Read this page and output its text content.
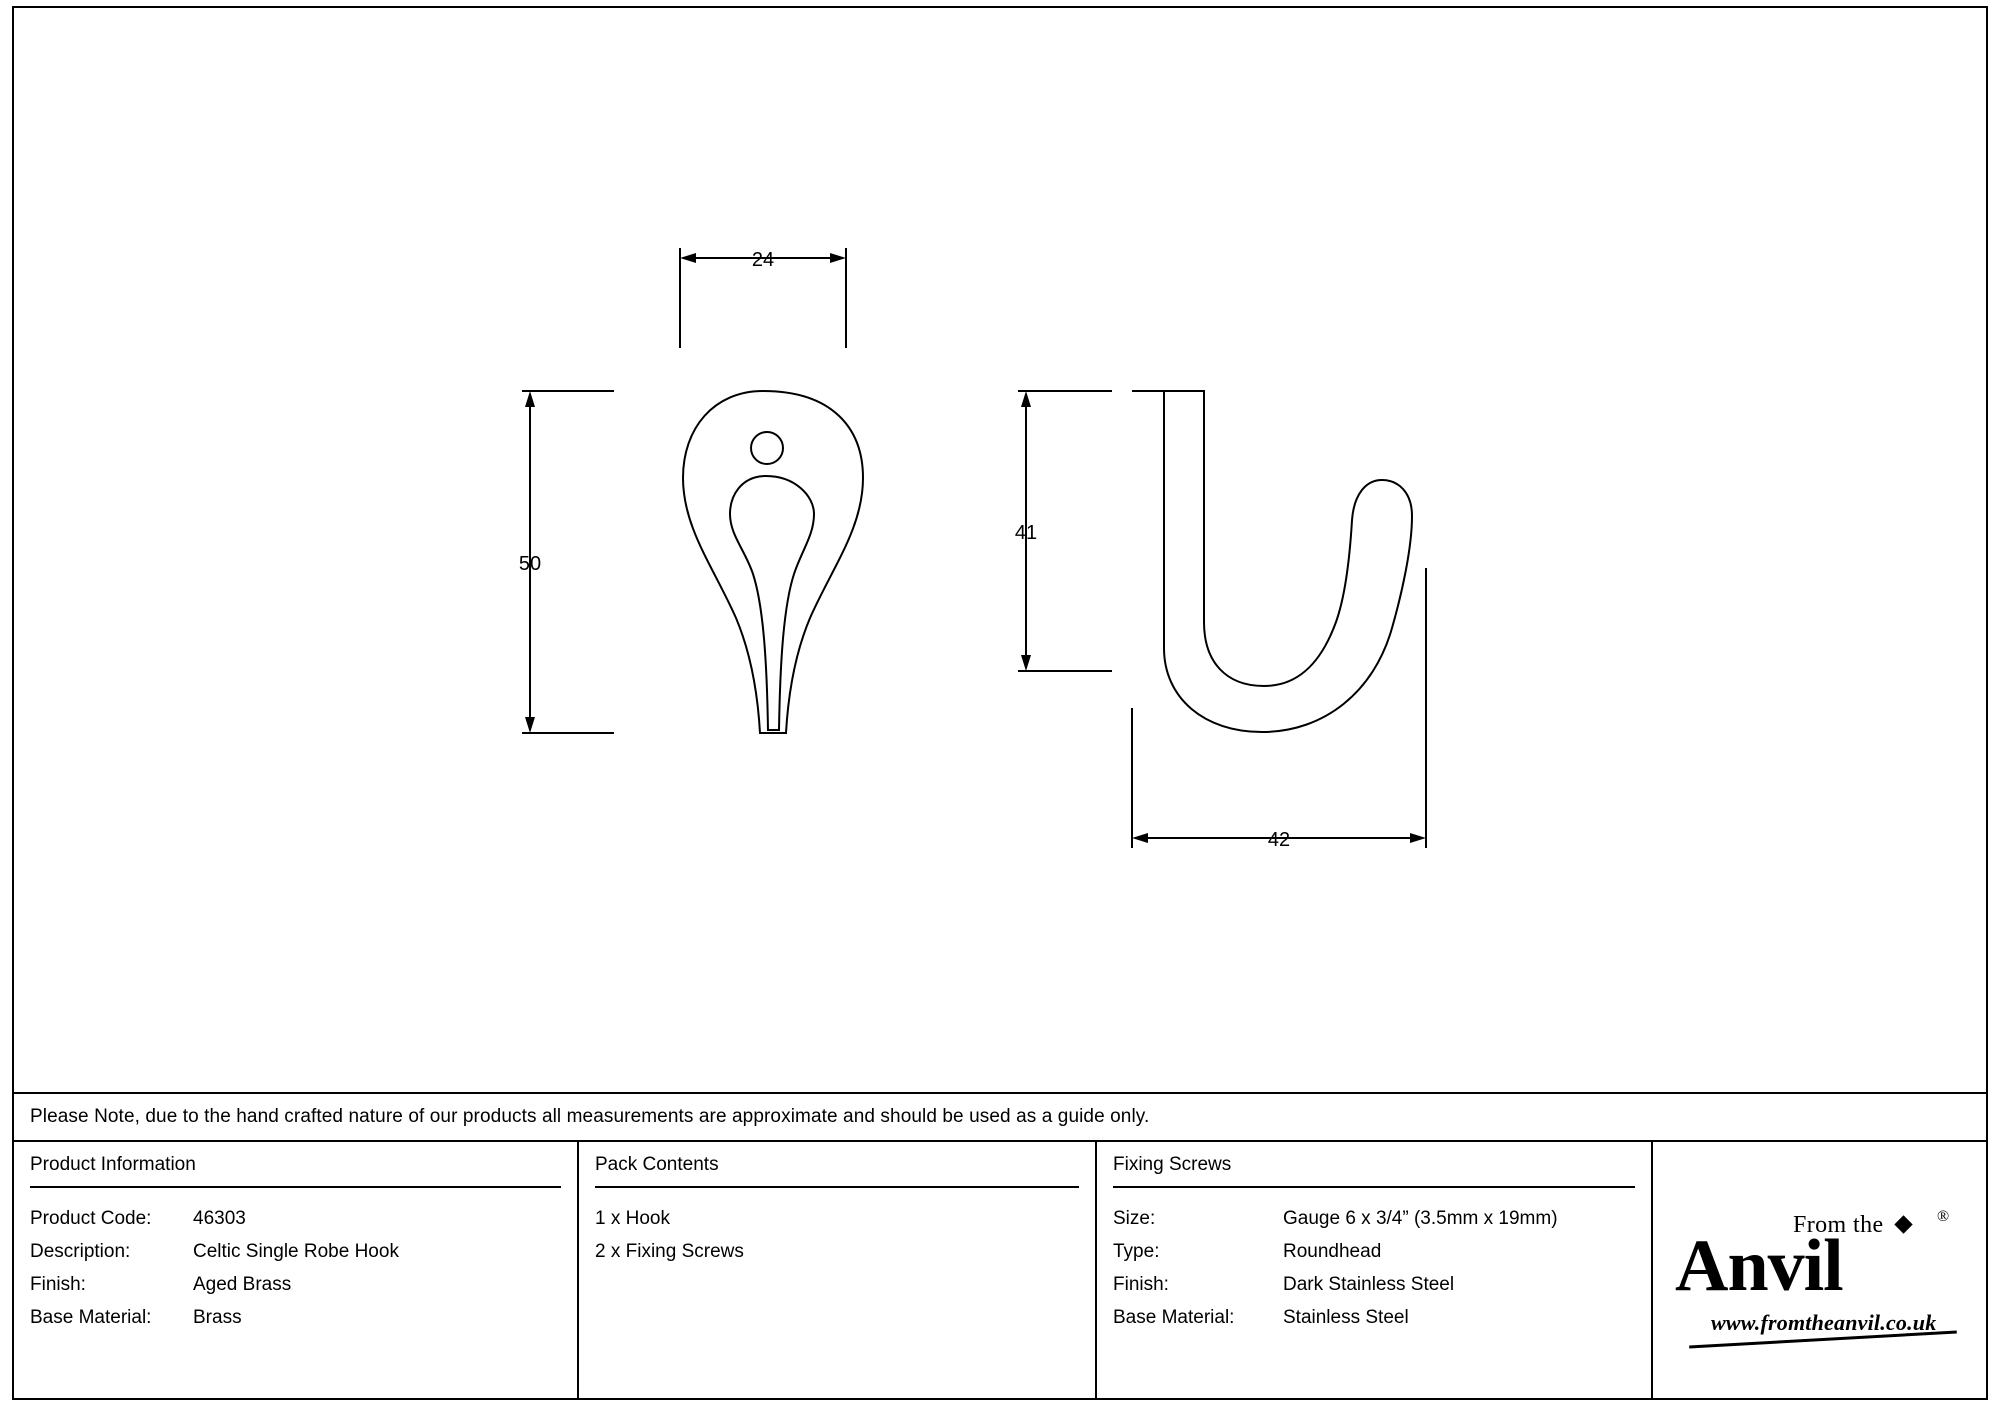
24
50
41
42
Please Note, due to the hand crafted nature of our products all measurements are approximate and should be used as a guide only.
Product Information
Product Code:	46303
Description:	Celtic Single Robe Hook
Finish:	Aged Brass
Base Material:	Brass
Pack Contents
1 x Hook
2 x Fixing Screws
Fixing Screws
Size:	Gauge 6 x 3/4” (3.5mm x 19mm)
Type:	Roundhead
Finish:	Dark Stainless Steel
Base Material:	Stainless Steel
From the	®
Anvil
www.fromtheanvil.co.uk
